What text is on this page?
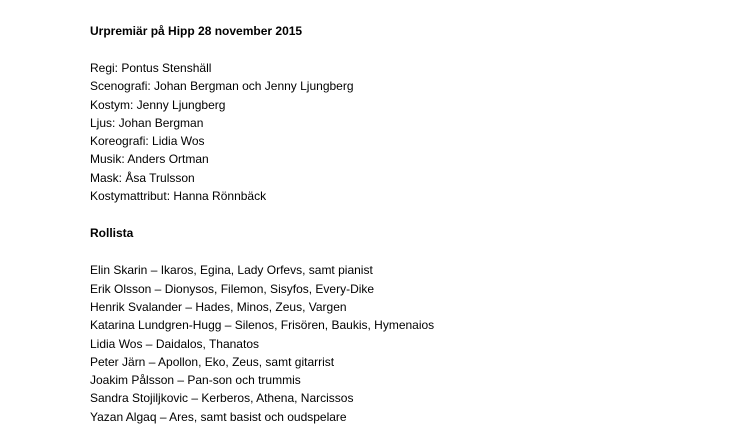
Urpremiär på Hipp 28 november 2015

Regi: Pontus Stenshäll

Scenografi: Johan Bergman och Jenny Ljungberg

Kostym: Jenny Ljungberg

Ljus: Johan Bergman

Koreografi: Lidia Wos

Musik: Anders Ortman

Mask: Åsa Trulsson

Kostymattribut: Hanna Rönnbäck

Rollista

Elin Skarin – Ikaros, Egina, Lady Orfevs, samt pianist

Erik Olsson – Dionysos, Filemon, Sisyfos, Every-Dike

Henrik Svalander – Hades, Minos, Zeus, Vargen

Katarina Lundgren-Hugg – Silenos, Frisören, Baukis, Hymenaios

Lidia Wos – Daidalos, Thanatos

Peter Järn – Apollon, Eko, Zeus, samt gitarrist

Joakim Pålsson – Pan-son och trummis

Sandra Stojiljkovic – Kerberos, Athena, Narcissos

Yazan Algaq – Ares, samt basist och oudspelare
